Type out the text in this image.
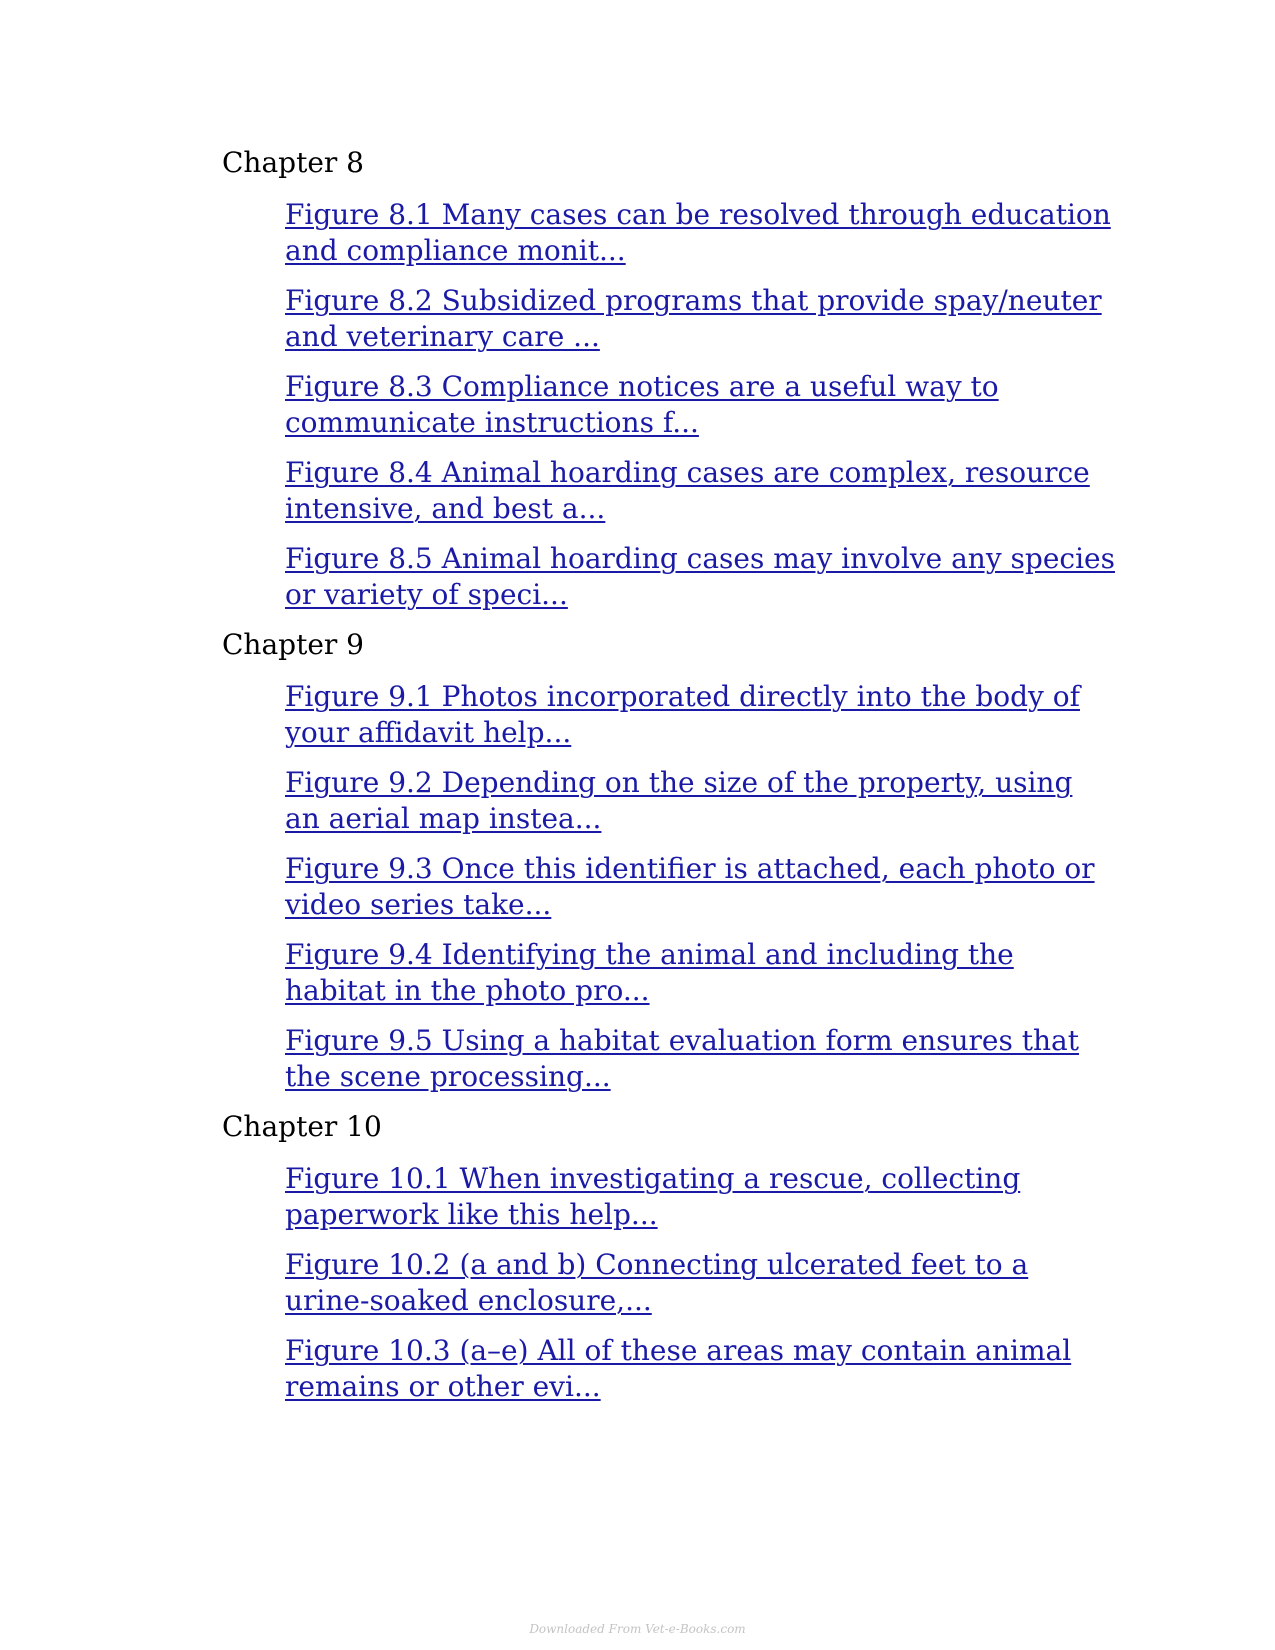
Chapter 8
Figure 8.1 Many cases can be resolved through education and compliance monit...
Figure 8.2 Subsidized programs that provide spay/neuter and veterinary care ...
Figure 8.3 Compliance notices are a useful way to communicate instructions f...
Figure 8.4 Animal hoarding cases are complex, resource intensive, and best a...
Figure 8.5 Animal hoarding cases may involve any species or variety of speci...
Chapter 9
Figure 9.1 Photos incorporated directly into the body of your affidavit help...
Figure 9.2 Depending on the size of the property, using an aerial map instea...
Figure 9.3 Once this identifier is attached, each photo or video series take...
Figure 9.4 Identifying the animal and including the habitat in the photo pro...
Figure 9.5 Using a habitat evaluation form ensures that the scene processing...
Chapter 10
Figure 10.1 When investigating a rescue, collecting paperwork like this help...
Figure 10.2 (a and b) Connecting ulcerated feet to a urine-soaked enclosure,...
Figure 10.3 (a–e) All of these areas may contain animal remains or other evi...
Downloaded From Vet-e-Books.com
